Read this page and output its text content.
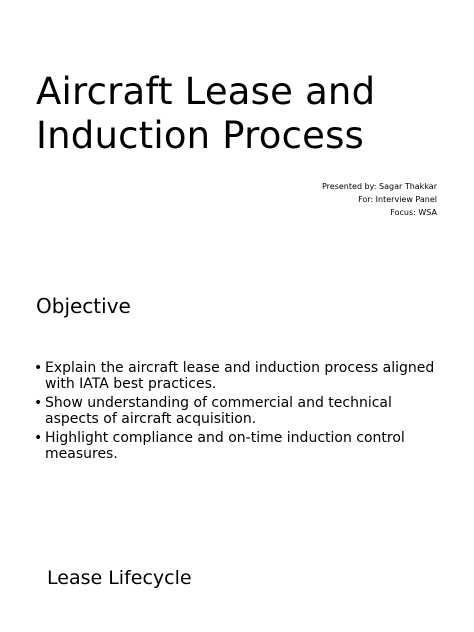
Aircraft Lease and
Induction Process
Presented by: Sagar Thakkar
For: Interview Panel
Focus: WSA
Objective
• Explain the aircraft lease and induction process aligned with IATA best practices.
• Show understanding of commercial and technical aspects of aircraft acquisition.
• Highlight compliance and on-time induction control measures.
Lease Lifecycle
